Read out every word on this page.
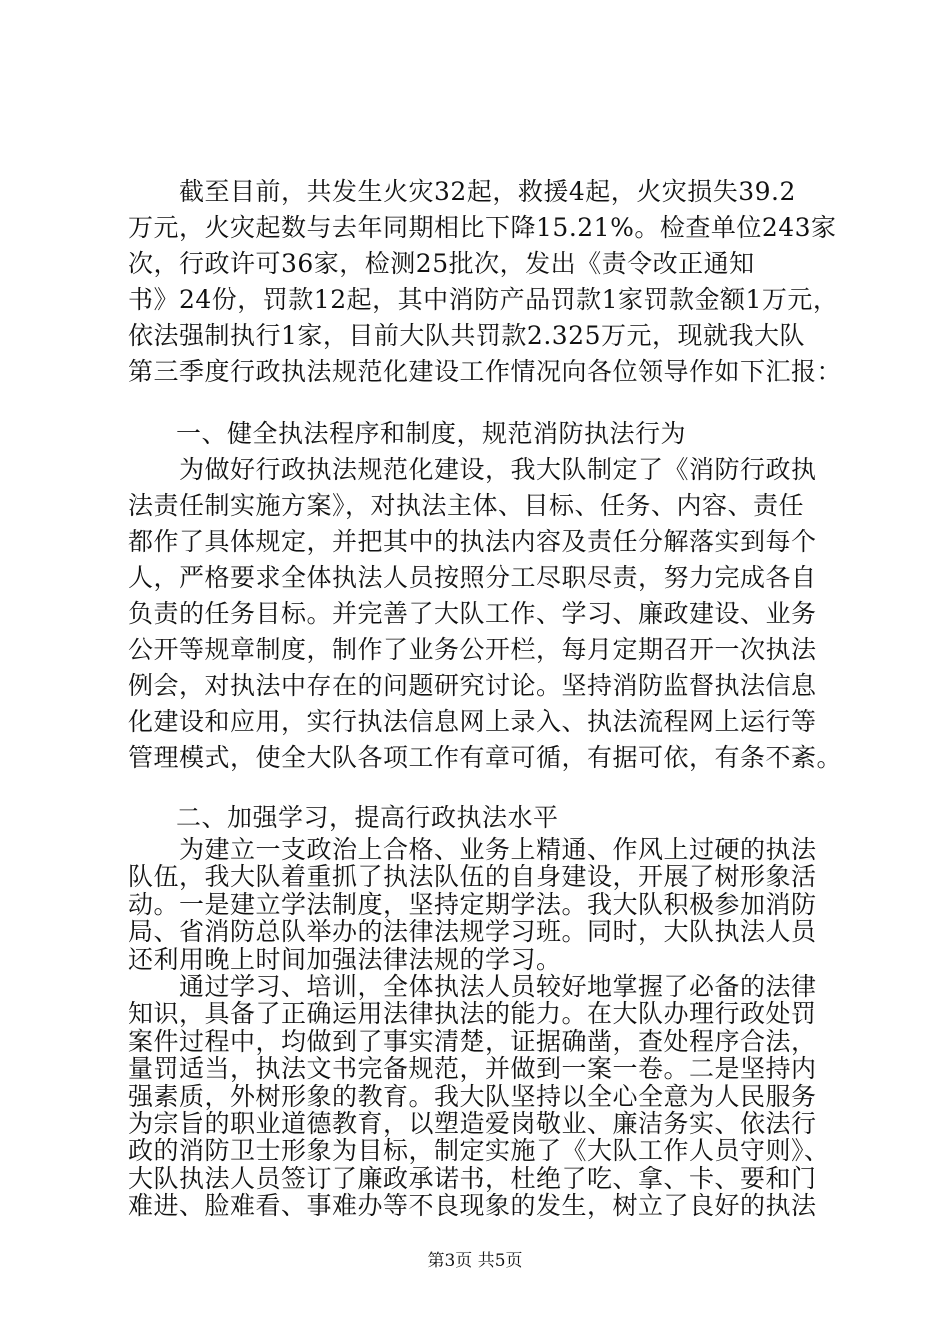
　　截至目前，共发生火灾32起，救援4起，火灾损失39.2
万元，火灾起数与去年同期相比下降15.21%。检查单位243家
次，行政许可36家，检测25批次，发出《责令改正通知
书》24份，罚款12起，其中消防产品罚款1家罚款金额1万元，
依法强制执行1家，目前大队共罚款2.325万元，现就我大队
第三季度行政执法规范化建设工作情况向各位领导作如下汇报：
一、健全执法程序和制度，规范消防执法行为
　　为做好行政执法规范化建设，我大队制定了《消防行政执
法责任制实施方案》，对执法主体、目标、任务、内容、责任
都作了具体规定，并把其中的执法内容及责任分解落实到每个
人，严格要求全体执法人员按照分工尽职尽责，努力完成各自
负责的任务目标。并完善了大队工作、学习、廉政建设、业务
公开等规章制度，制作了业务公开栏，每月定期召开一次执法
例会，对执法中存在的问题研究讨论。坚持消防监督执法信息
化建设和应用，实行执法信息网上录入、执法流程网上运行等
管理模式，使全大队各项工作有章可循，有据可依，有条不紊。
二、加强学习，提高行政执法水平
第3页 共5页
　　为建立一支政治上合格、业务上精通、作风上过硬的执法
队伍，我大队着重抓了执法队伍的自身建设，开展了树形象活
动。一是建立学法制度，坚持定期学法。我大队积极参加消防
局、省消防总队举办的法律法规学习班。同时，大队执法人员
还利用晚上时间加强法律法规的学习。
　　通过学习、培训，全体执法人员较好地掌握了必备的法律
知识，具备了正确运用法律执法的能力。在大队办理行政处罚
案件过程中，均做到了事实清楚，证据确凿，查处程序合法，
量罚适当，执法文书完备规范，并做到一案一卷。二是坚持内
强素质，外树形象的教育。我大队坚持以全心全意为人民服务
为宗旨的职业道德教育，以塑造爱岗敬业、廉洁务实、依法行
政的消防卫士形象为目标，制定实施了《大队工作人员守则》、
大队执法人员签订了廉政承诺书，杜绝了吃、拿、卡、要和门
难进、脸难看、事难办等不良现象的发生，树立了良好的执法
